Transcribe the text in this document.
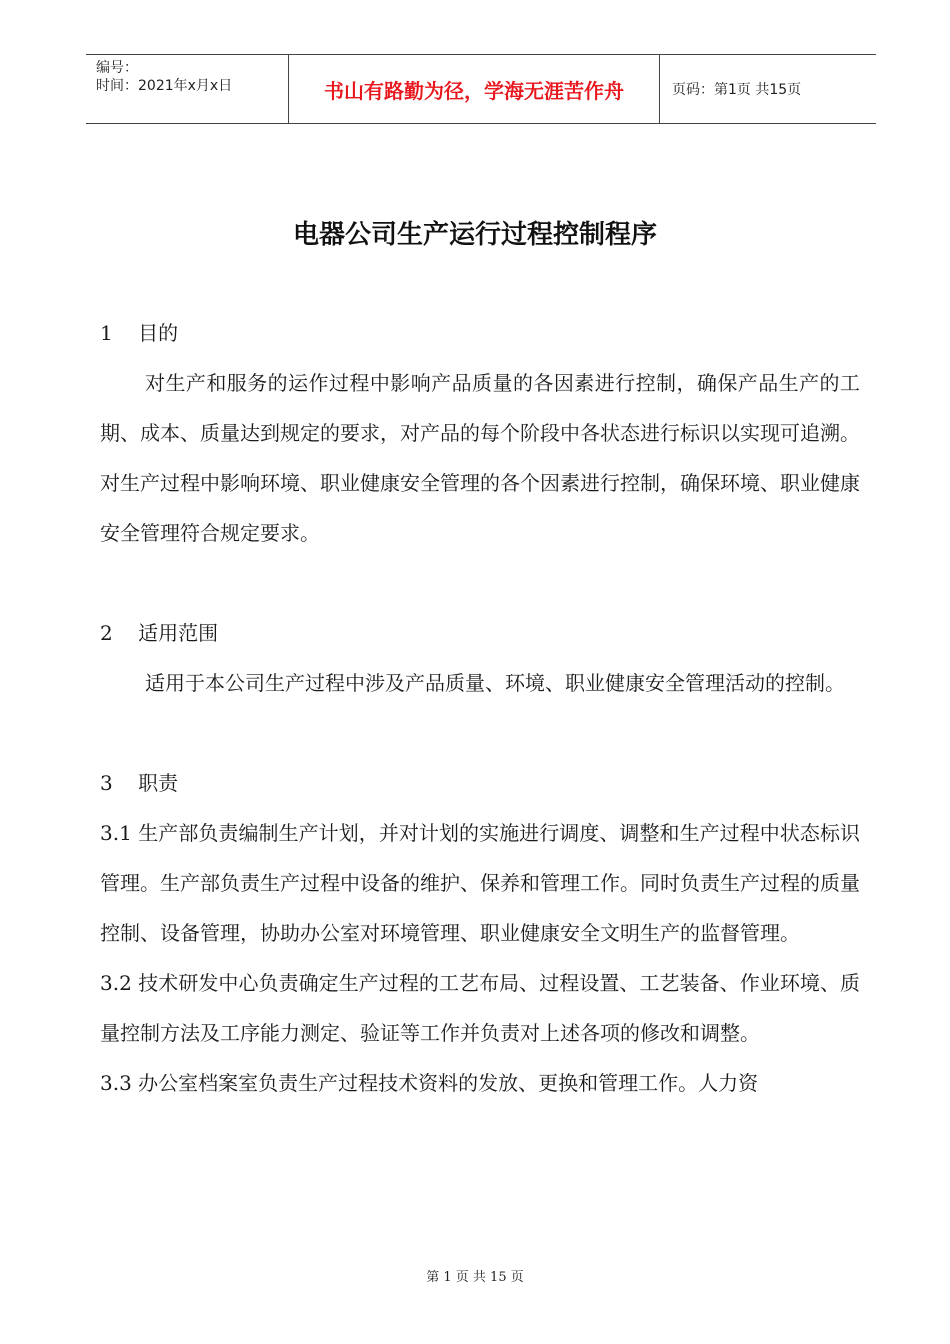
编号：
时间：2021年x月x日	书山有路勤为径，学海无涯苦作舟	页码：第1页 共15页
电器公司生产运行过程控制程序

1    目的

对生产和服务的运作过程中影响产品质量的各因素进行控制，确保产品生产的工期、成本、质量达到规定的要求，对产品的每个阶段中各状态进行标识以实现可追溯。对生产过程中影响环境、职业健康安全管理的各个因素进行控制，确保环境、职业健康安全管理符合规定要求。

2    适用范围

适用于本公司生产过程中涉及产品质量、环境、职业健康安全管理活动的控制。

3    职责

3.1 生产部负责编制生产计划，并对计划的实施进行调度、调整和生产过程中状态标识管理。生产部负责生产过程中设备的维护、保养和管理工作。同时负责生产过程的质量控制、设备管理，协助办公室对环境管理、职业健康安全文明生产的监督管理。

3.2 技术研发中心负责确定生产过程的工艺布局、过程设置、工艺装备、作业环境、质量控制方法及工序能力测定、验证等工作并负责对上述各项的修改和调整。

3.3 办公室档案室负责生产过程技术资料的发放、更换和管理工作。人力资

第 1 页 共 15 页
